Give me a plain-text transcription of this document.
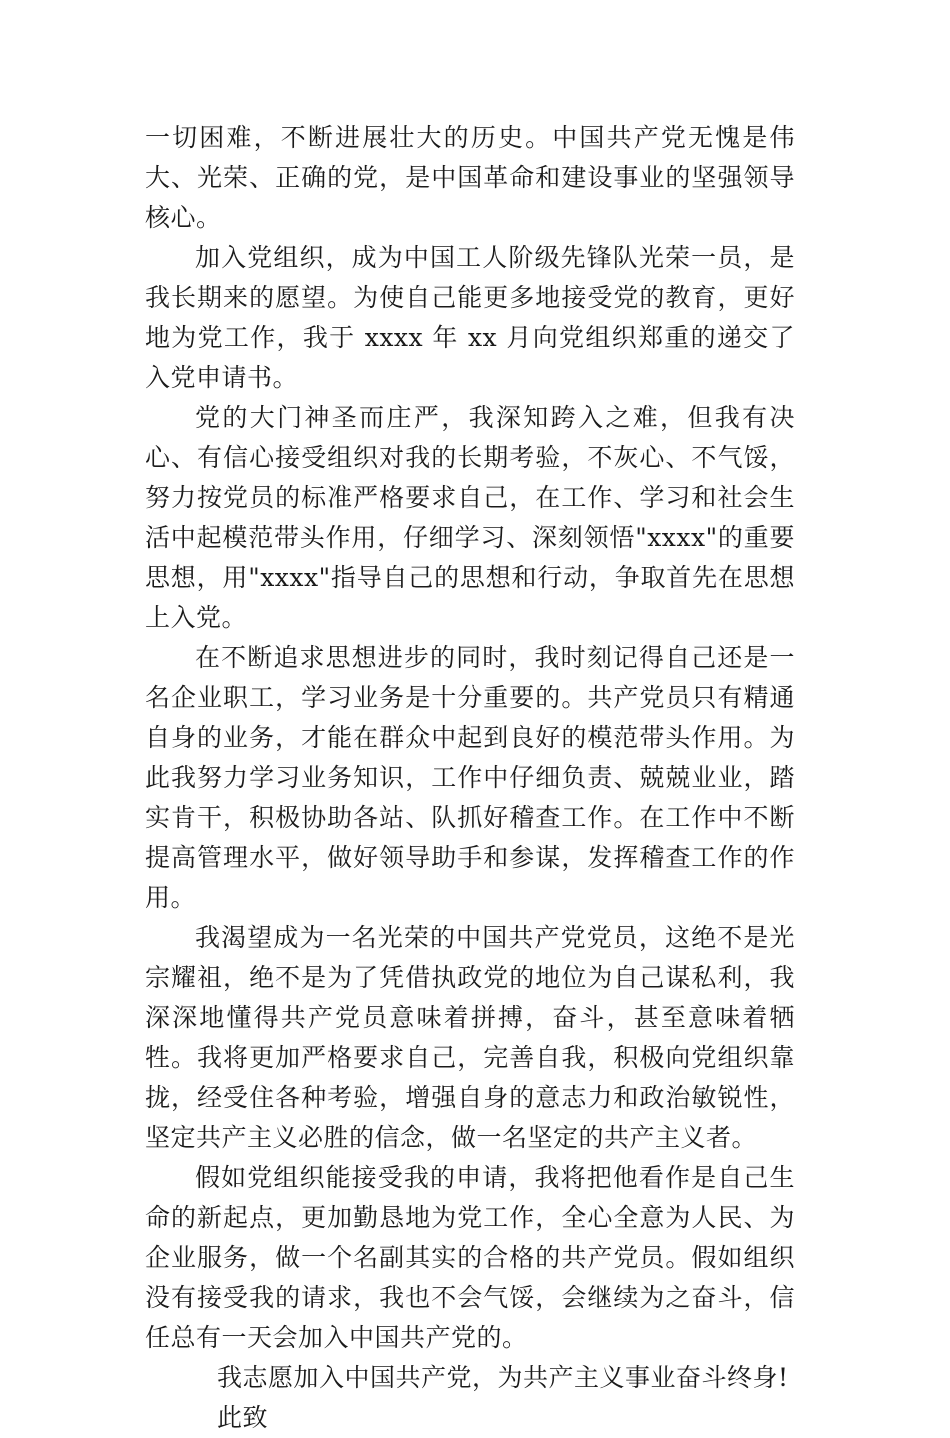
一切困难，不断进展壮大的历史。中国共产党无愧是伟大、光荣、正确的党，是中国革命和建设事业的坚强领导核心。

加入党组织，成为中国工人阶级先锋队光荣一员，是我长期来的愿望。为使自己能更多地接受党的教育，更好地为党工作，我于 xxxx 年 xx 月向党组织郑重的递交了入党申请书。

党的大门神圣而庄严，我深知跨入之难，但我有决心、有信心接受组织对我的长期考验，不灰心、不气馁，努力按党员的标准严格要求自己，在工作、学习和社会生活中起模范带头作用，仔细学习、深刻领悟"xxxx"的重要思想，用"xxxx"指导自己的思想和行动，争取首先在思想上入党。

在不断追求思想进步的同时，我时刻记得自己还是一名企业职工，学习业务是十分重要的。共产党员只有精通自身的业务，才能在群众中起到良好的模范带头作用。为此我努力学习业务知识，工作中仔细负责、兢兢业业，踏实肯干，积极协助各站、队抓好稽查工作。在工作中不断提高管理水平，做好领导助手和参谋，发挥稽查工作的作用。

我渴望成为一名光荣的中国共产党党员，这绝不是光宗耀祖，绝不是为了凭借执政党的地位为自己谋私利，我深深地懂得共产党员意味着拼搏，奋斗，甚至意味着牺牲。我将更加严格要求自己，完善自我，积极向党组织靠拢，经受住各种考验，增强自身的意志力和政治敏锐性，坚定共产主义必胜的信念，做一名坚定的共产主义者。

假如党组织能接受我的申请，我将把他看作是自己生命的新起点，更加勤恳地为党工作，全心全意为人民、为企业服务，做一个名副其实的合格的共产党员。假如组织没有接受我的请求，我也不会气馁，会继续为之奋斗，信任总有一天会加入中国共产党的。

我志愿加入中国共产党，为共产主义事业奋斗终身!

此致
